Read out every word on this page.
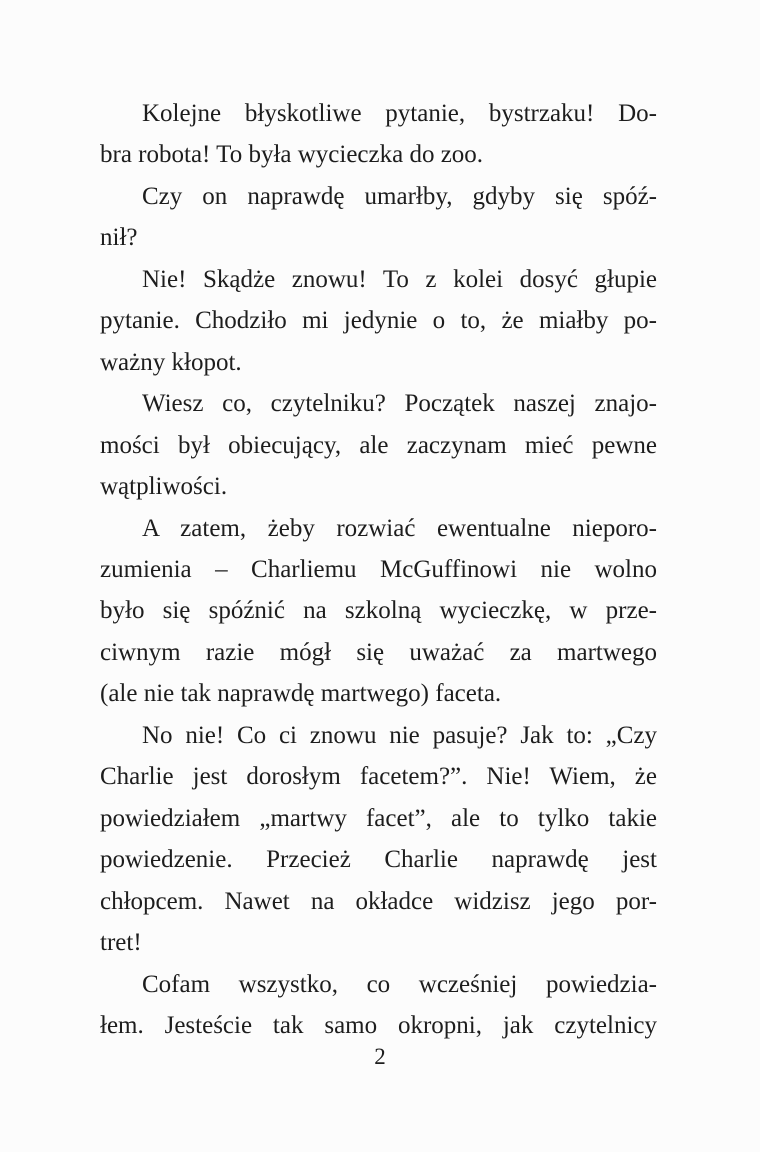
Kolejne błyskotliwe pytanie, bystrzaku! Do-
bra robota! To była wycieczka do zoo.
Czy on naprawdę umarłby, gdyby się spóź-
nił?
Nie! Skądże znowu! To z kolei dosyć głupie
pytanie. Chodziło mi jedynie o to, że miałby po-
ważny kłopot.
Wiesz co, czytelniku? Początek naszej znajo-
mości był obiecujący, ale zaczynam mieć pewne
wątpliwości.
A zatem, żeby rozwiać ewentualne nieporo-
zumienia – Charliemu McGuffinowi nie wolno
było się spóźnić na szkolną wycieczkę, w prze-
ciwnym razie mógł się uważać za martwego
(ale nie tak naprawdę martwego) faceta.
No nie! Co ci znowu nie pasuje? Jak to: „Czy
Charlie jest dorosłym facetem?”. Nie! Wiem, że
powiedziałem „martwy facet”, ale to tylko takie
powiedzenie. Przecież Charlie naprawdę jest
chłopcem. Nawet na okładce widzisz jego por-
tret!
Cofam wszystko, co wcześniej powiedzia-
łem. Jesteście tak samo okropni, jak czytelnicy
2
